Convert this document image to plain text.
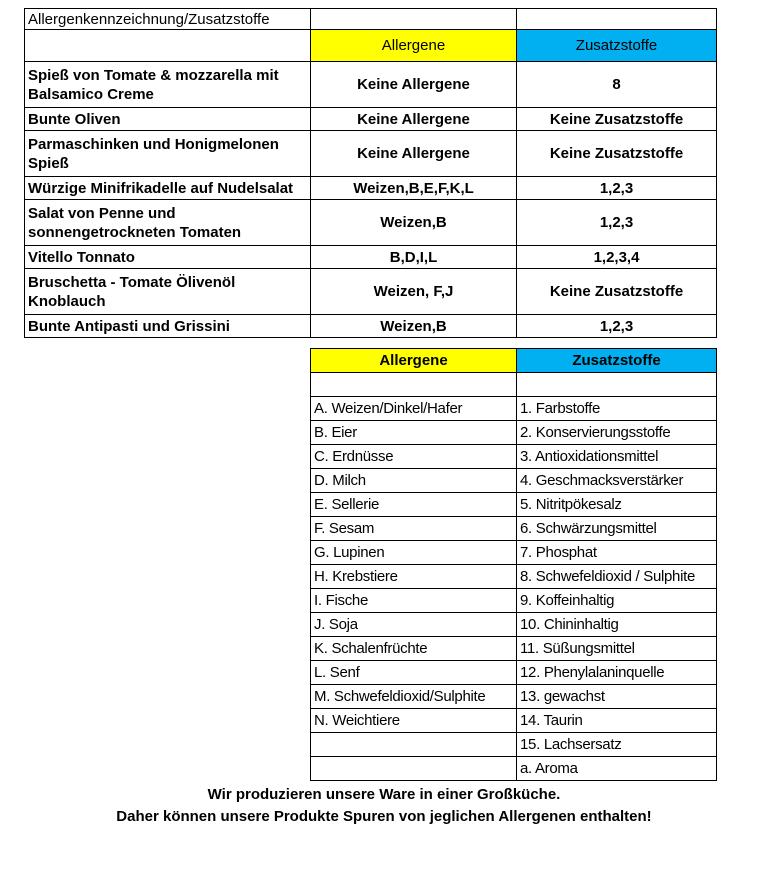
Allergenkennzeichnung/Zusatzstoffe		
	Allergene	Zusatzstoffe
Spieß von Tomate & mozzarella mit Balsamico Creme	Keine Allergene	8
Bunte Oliven	Keine Allergene	Keine Zusatzstoffe
Parmaschinken und Honigmelonen Spieß	Keine Allergene	Keine Zusatzstoffe
Würzige Minifrikadelle auf Nudelsalat	Weizen,B,E,F,K,L	1,2,3
Salat von Penne und sonnengetrockneten Tomaten	Weizen,B	1,2,3
Vitello Tonnato	B,D,I,L	1,2,3,4
Bruschetta - Tomate Ölivenöl Knoblauch	Weizen, F,J	Keine Zusatzstoffe
Bunte Antipasti und Grissini	Weizen,B	1,2,3
Allergene	Zusatzstoffe

A. Weizen/Dinkel/Hafer	1. Farbstoffe
B. Eier	2. Konservierungsstoffe
C. Erdnüsse	3. Antioxidationsmittel
D. Milch	4. Geschmacksverstärker
E. Sellerie	5. Nitritpökesalz
F. Sesam	6. Schwärzungsmittel
G. Lupinen	7. Phosphat
H. Krebstiere	8. Schwefeldioxid / Sulphite
I. Fische	9. Koffeinhaltig
J. Soja	10. Chininhaltig
K. Schalenfrüchte	11. Süßungsmittel
L. Senf	12. Phenylalaninquelle
M. Schwefeldioxid/Sulphite	13. gewachst
N. Weichtiere	14. Taurin
	15. Lachsersatz
	a. Aroma
Wir produzieren unsere Ware in einer Großküche.
Daher können unsere Produkte Spuren von jeglichen Allergenen enthalten!
